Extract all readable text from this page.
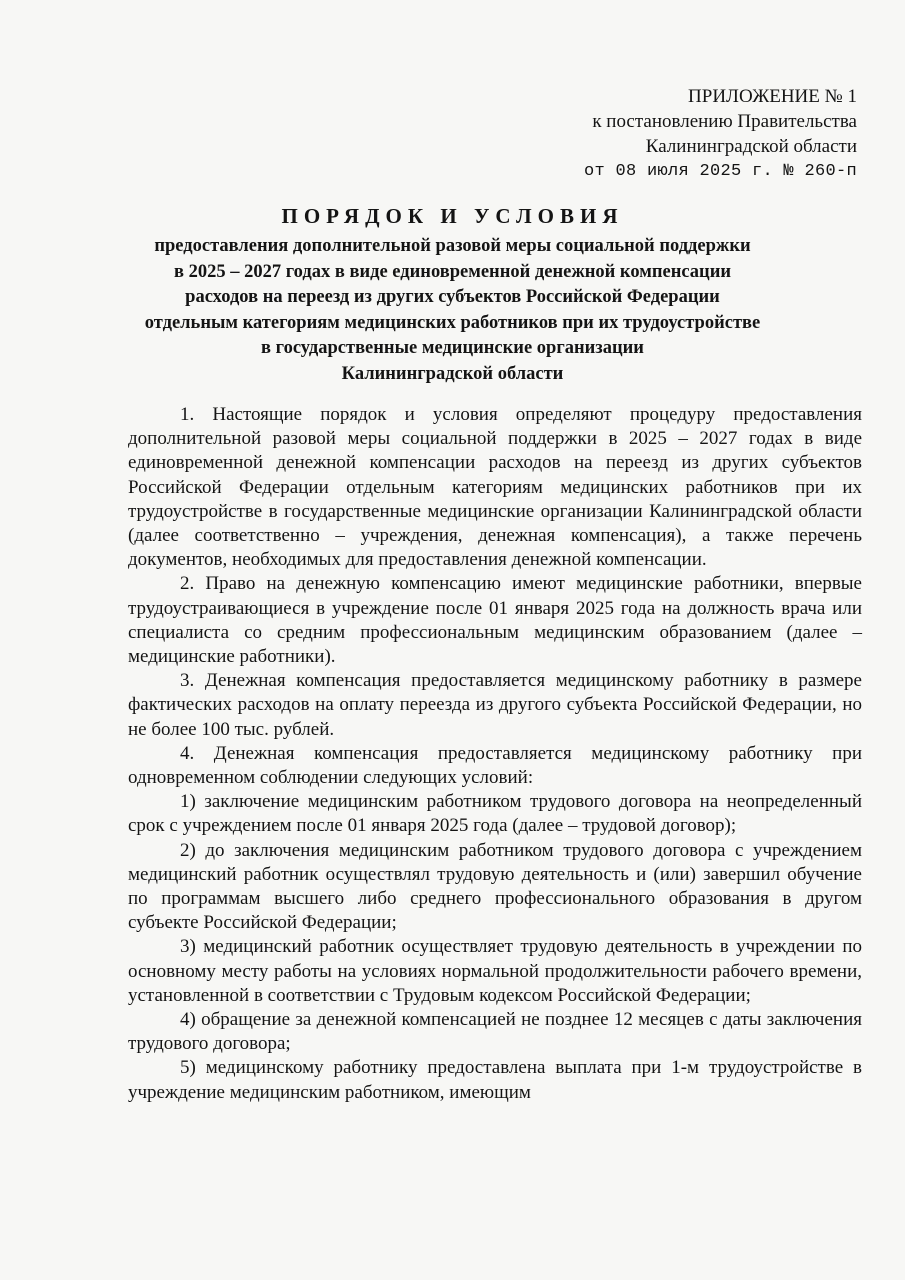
ПРИЛОЖЕНИЕ № 1
к постановлению Правительства
Калининградской области
от 08 июля 2025 г. № 260-п
ПОРЯДОК И УСЛОВИЯ
предоставления дополнительной разовой меры социальной поддержки
в 2025 – 2027 годах в виде единовременной денежной компенсации
расходов на переезд из других субъектов Российской Федерации
отдельным категориям медицинских работников при их трудоустройстве
в государственные медицинские организации
Калининградской области

1. Настоящие порядок и условия определяют процедуру предоставления дополнительной разовой меры социальной поддержки в 2025 – 2027 годах в виде единовременной денежной компенсации расходов на переезд из других субъектов Российской Федерации отдельным категориям медицинских работников при их трудоустройстве в государственные медицинские организации Калининградской области (далее соответственно – учреждения, денежная компенсация), а также перечень документов, необходимых для предоставления денежной компенсации.

2. Право на денежную компенсацию имеют медицинские работники, впервые трудоустраивающиеся в учреждение после 01 января 2025 года на должность врача или специалиста со средним профессиональным медицинским образованием (далее – медицинские работники).

3. Денежная компенсация предоставляется медицинскому работнику в размере фактических расходов на оплату переезда из другого субъекта Российской Федерации, но не более 100 тыс. рублей.

4. Денежная компенсация предоставляется медицинскому работнику при одновременном соблюдении следующих условий:

1) заключение медицинским работником трудового договора на неопределенный срок с учреждением после 01 января 2025 года (далее – трудовой договор);

2) до заключения медицинским работником трудового договора с учреждением медицинский работник осуществлял трудовую деятельность и (или) завершил обучение по программам высшего либо среднего профессионального образования в другом субъекте Российской Федерации;

3) медицинский работник осуществляет трудовую деятельность в учреждении по основному месту работы на условиях нормальной продолжительности рабочего времени, установленной в соответствии с Трудовым кодексом Российской Федерации;

4) обращение за денежной компенсацией не позднее 12 месяцев с даты заключения трудового договора;

5) медицинскому работнику предоставлена выплата при 1-м трудоустройстве в учреждение медицинским работником, имеющим
